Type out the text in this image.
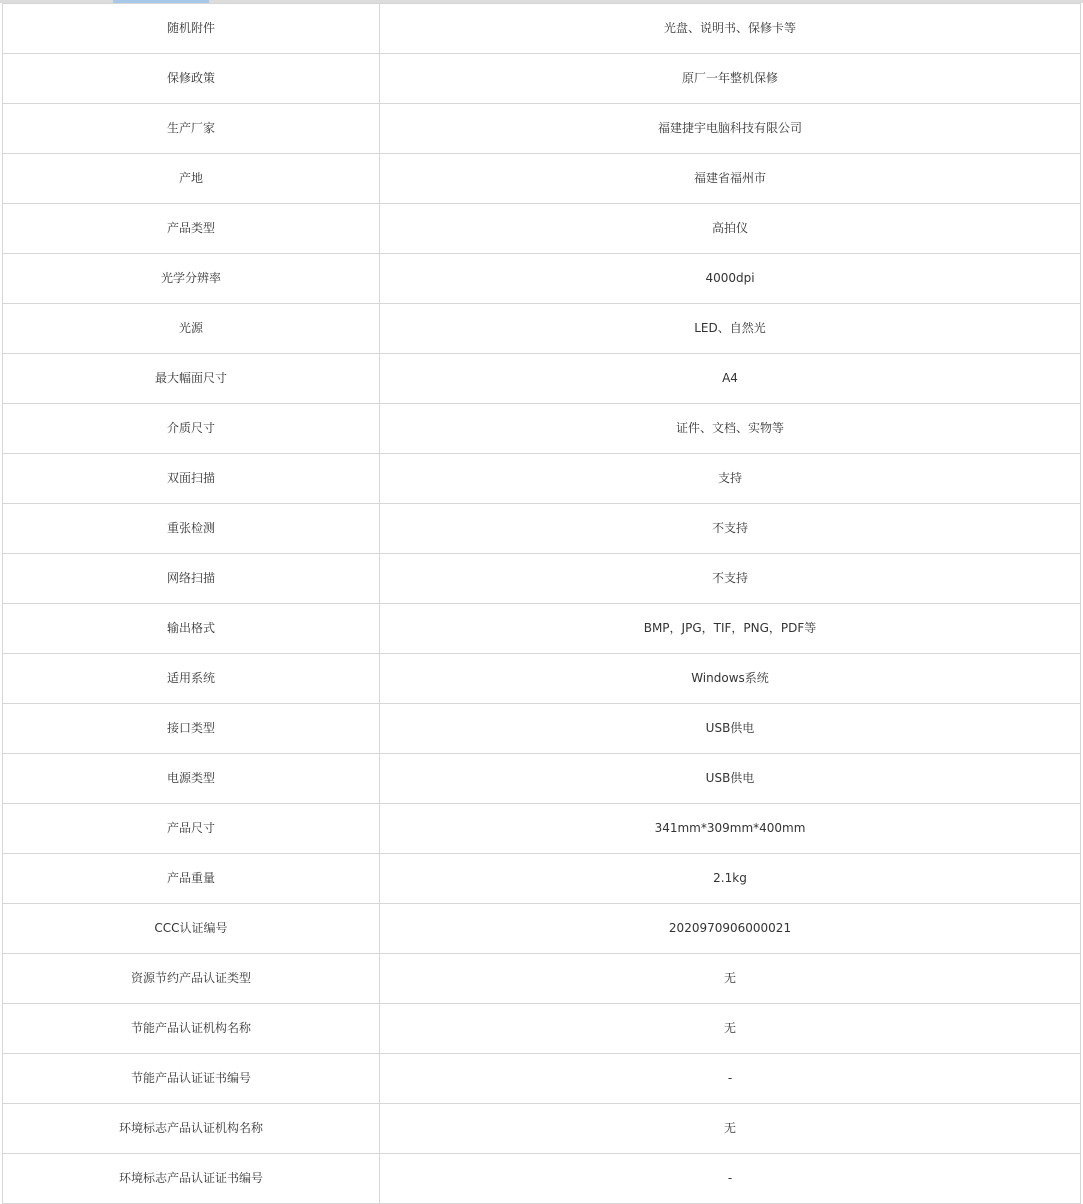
随机附件	光盘、说明书、保修卡等
保修政策	原厂一年整机保修
生产厂家	福建捷宇电脑科技有限公司
产地	福建省福州市
产品类型	高拍仪
光学分辨率	4000dpi
光源	LED、自然光
最大幅面尺寸	A4
介质尺寸	证件、文档、实物等
双面扫描	支持
重张检测	不支持
网络扫描	不支持
输出格式	BMP，JPG，TIF，PNG，PDF等
适用系统	Windows系统
接口类型	USB供电
电源类型	USB供电
产品尺寸	341mm*309mm*400mm
产品重量	2.1kg
CCC认证编号	2020970906000021
资源节约产品认证类型	无
节能产品认证机构名称	无
节能产品认证证书编号	-
环境标志产品认证机构名称	无
环境标志产品认证证书编号	-
